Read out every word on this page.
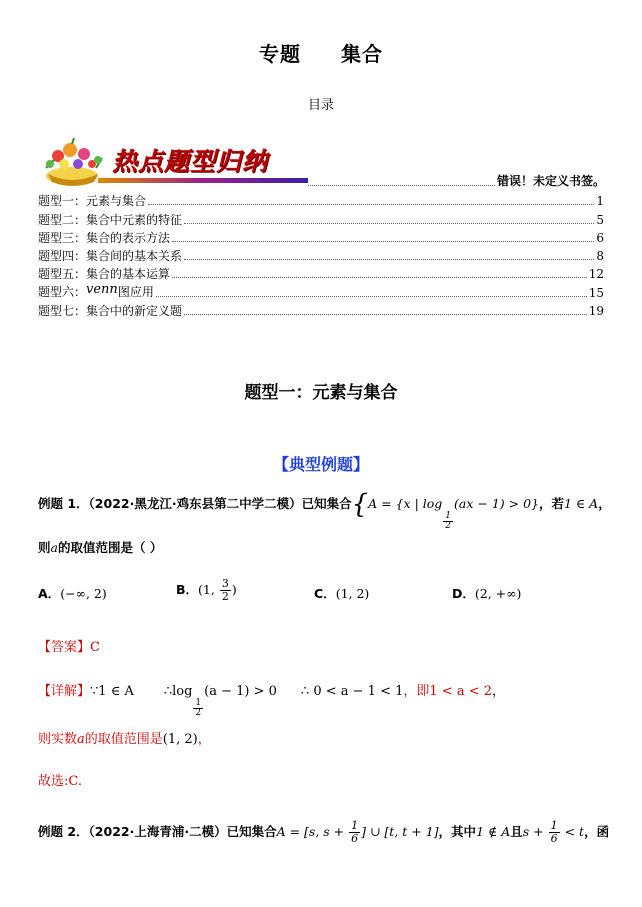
专题 集合
目录
热点题型归纳
错误！未定义书签。
题型一：元素与集合	1
题型二：集合中元素的特征	5
题型三：集合的表示方法	6
题型四：集合间的基本关系	8
题型五：集合的基本运算	12
题型六：venn图应用	15
题型七：集合中的新定义题	19
题型一：元素与集合
【典型例题】
例题 1．（2022·黑龙江·鸡东县第二中学二模）已知集合{A = {x | log
$\frac{1}{2}$
(ax − 1) > 0}，若1 ∈ A，
则a的取值范围是（ ）
A．(−∞, 2)	B．(1, $\frac{3}{2}$ )	C．(1, 2)	D．(2, +∞)
【答案】C
【详解】∵1 ∈ A ∴log
$\frac{1}{2}$
(a − 1) > 0 ∴ 0 < a − 1 < 1，即1 < a < 2，
则实数a的取值范围是(1, 2)，
故选:C.
例题 2．（2022·上海青浦·二模）已知集合A = [s, $s + \frac{1}{6}$ ] ∪ [t, t + 1]，其中1 ∉ A且$s + \frac{1}{6} < t$，函
